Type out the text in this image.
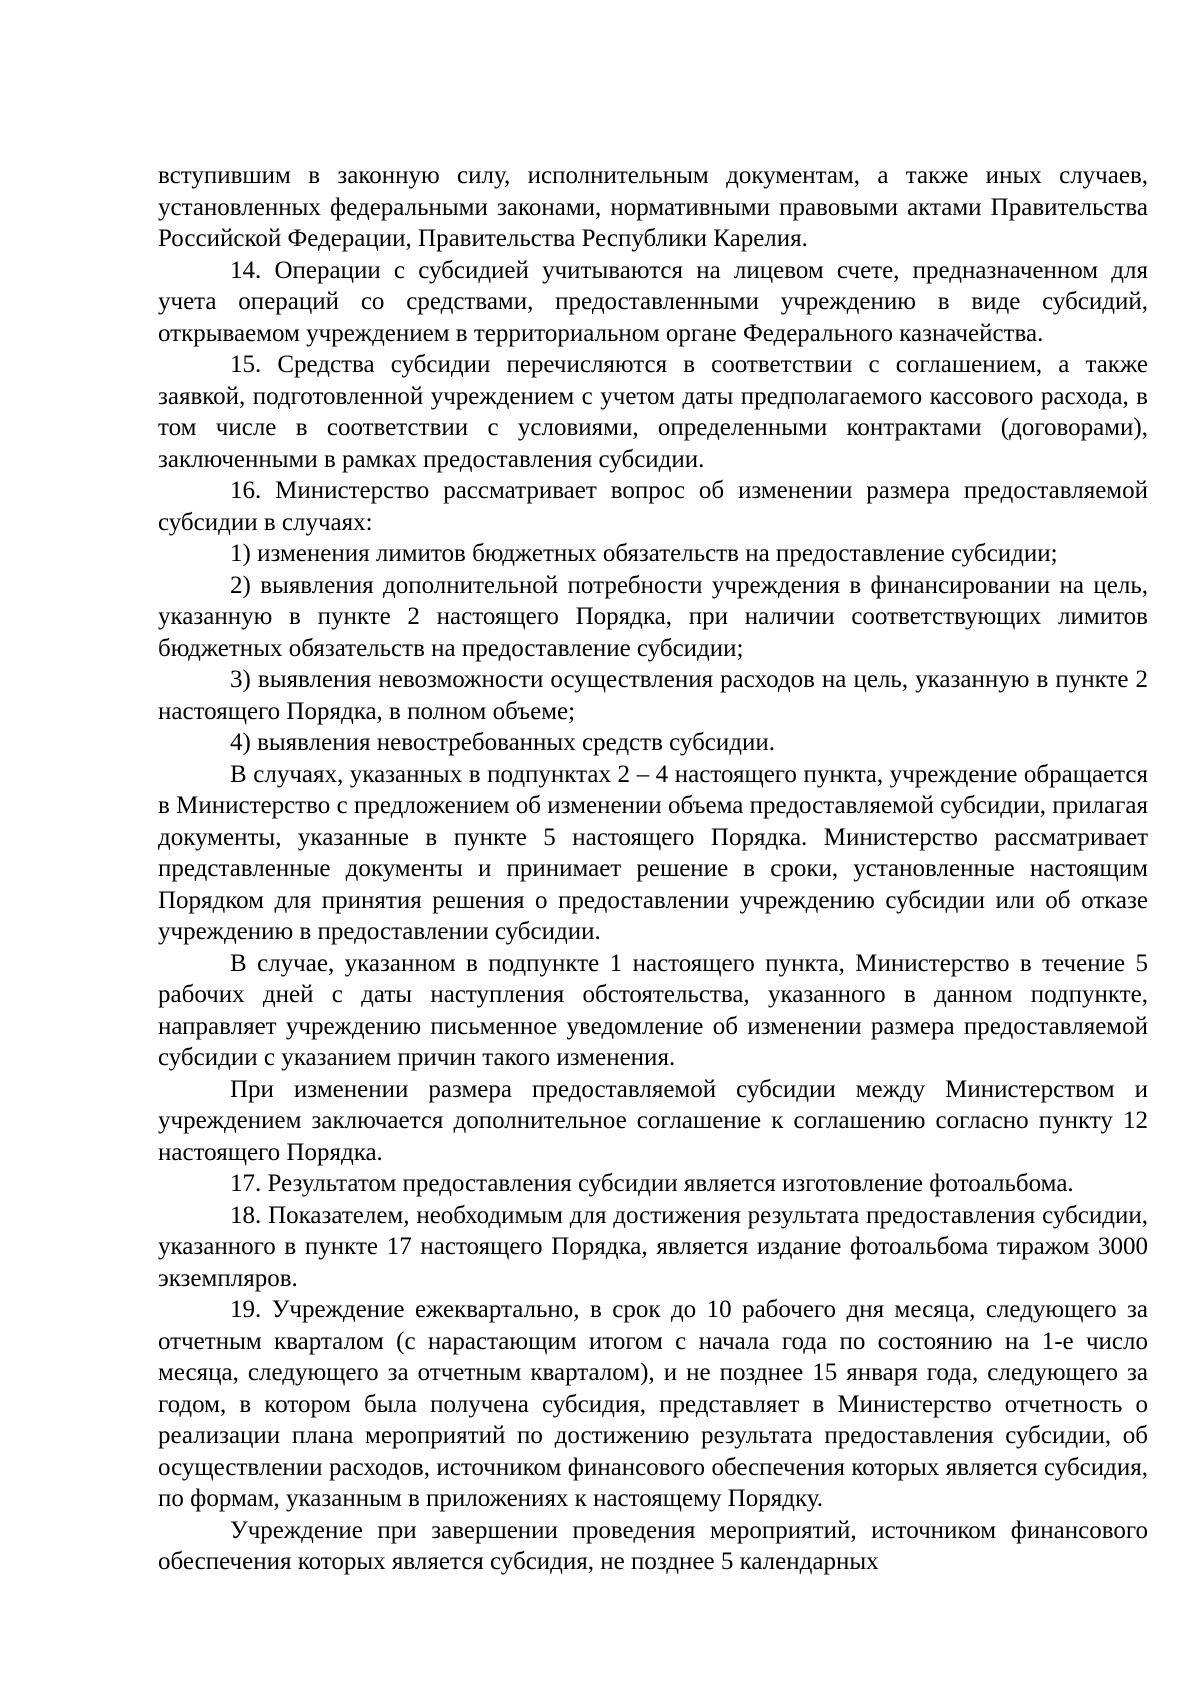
вступившим в законную силу, исполнительным документам, а также иных случаев, установленных федеральными законами, нормативными правовыми актами Правительства Российской Федерации, Правительства Республики Карелия.

14. Операции с субсидией учитываются на лицевом счете, предназначенном для учета операций со средствами, предоставленными учреждению в виде субсидий, открываемом учреждением в территориальном органе Федерального казначейства.

15. Средства субсидии перечисляются в соответствии с соглашением, а также заявкой, подготовленной учреждением с учетом даты предполагаемого кассового расхода, в том числе в соответствии с условиями, определенными контрактами (договорами), заключенными в рамках предоставления субсидии.

16. Министерство рассматривает вопрос об изменении размера предоставляемой субсидии в случаях:

1) изменения лимитов бюджетных обязательств на предоставление субсидии;

2) выявления дополнительной потребности учреждения в финансировании на цель, указанную в пункте 2 настоящего Порядка, при наличии соответствующих лимитов бюджетных обязательств на предоставление субсидии;

3) выявления невозможности осуществления расходов на цель, указанную в пункте 2 настоящего Порядка, в полном объеме;

4) выявления невостребованных средств субсидии.

В случаях, указанных в подпунктах 2 – 4 настоящего пункта, учреждение обращается в Министерство с предложением об изменении объема предоставляемой субсидии, прилагая документы, указанные в пункте 5 настоящего Порядка. Министерство рассматривает представленные документы и принимает решение в сроки, установленные настоящим Порядком для принятия решения о предоставлении учреждению субсидии или об отказе учреждению в предоставлении субсидии.

В случае, указанном в подпункте 1 настоящего пункта, Министерство в течение 5 рабочих дней с даты наступления обстоятельства, указанного в данном подпункте, направляет учреждению письменное уведомление об изменении размера предоставляемой субсидии с указанием причин такого изменения.

При изменении размера предоставляемой субсидии между Министерством и учреждением заключается дополнительное соглашение к соглашению согласно пункту 12 настоящего Порядка.

17. Результатом предоставления субсидии является изготовление фотоальбома.

18. Показателем, необходимым для достижения результата предоставления субсидии, указанного в пункте 17 настоящего Порядка, является издание фотоальбома тиражом 3000 экземпляров.

19. Учреждение ежеквартально, в срок до 10 рабочего дня месяца, следующего за отчетным кварталом (с нарастающим итогом с начала года по состоянию на 1-е число месяца, следующего за отчетным кварталом), и не позднее 15 января года, следующего за годом, в котором была получена субсидия, представляет в Министерство отчетность о реализации плана мероприятий по достижению результата предоставления субсидии, об осуществлении расходов, источником финансового обеспечения которых является субсидия, по формам, указанным в приложениях к настоящему Порядку.

Учреждение при завершении проведения мероприятий, источником финансового обеспечения которых является субсидия, не позднее 5 календарных
